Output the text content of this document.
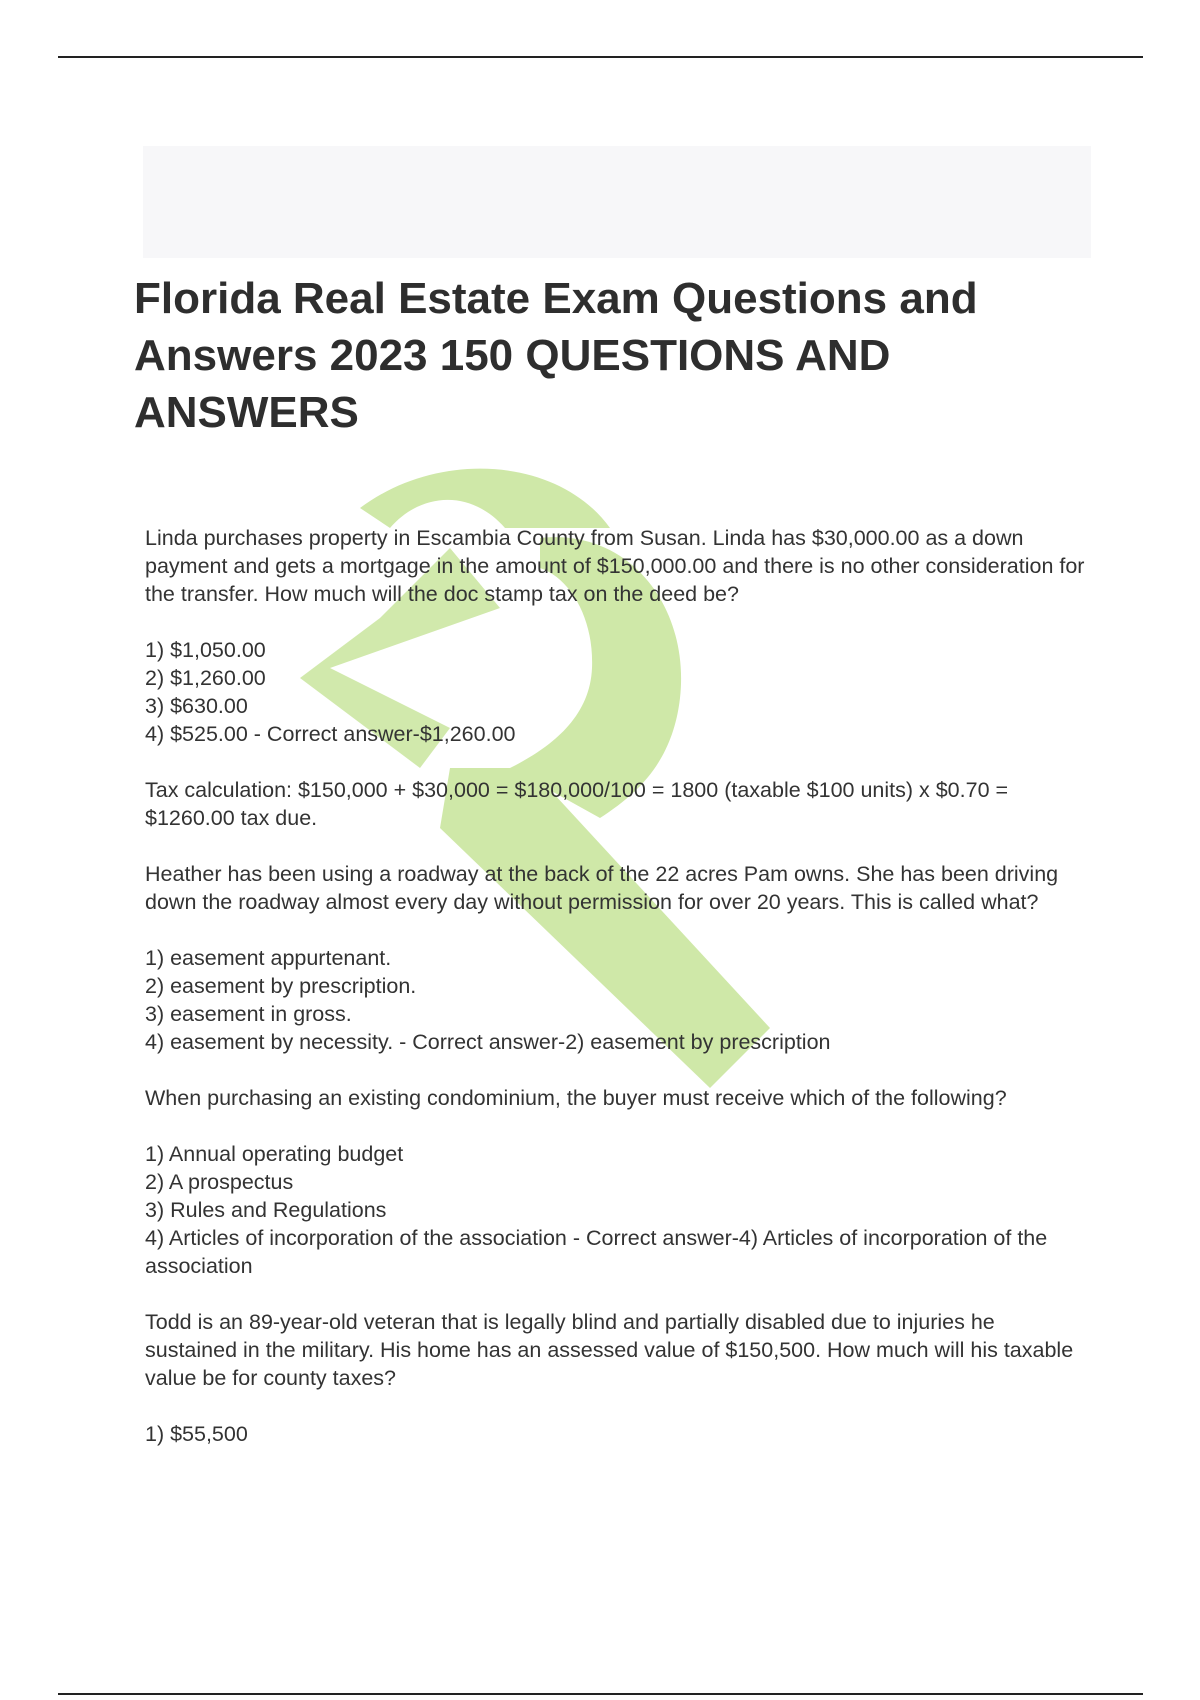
Florida Real Estate Exam Questions and Answers 2023 150 QUESTIONS AND ANSWERS

Linda purchases property in Escambia County from Susan. Linda has $30,000.00 as a down payment and gets a mortgage in the amount of $150,000.00 and there is no other consideration for the transfer. How much will the doc stamp tax on the deed be?

1) $1,050.00
2) $1,260.00
3) $630.00
4) $525.00 - Correct answer-$1,260.00

Tax calculation: $150,000 + $30,000 = $180,000/100 = 1800 (taxable $100 units) x $0.70 = $1260.00 tax due.

Heather has been using a roadway at the back of the 22 acres Pam owns. She has been driving down the roadway almost every day without permission for over 20 years. This is called what?

1) easement appurtenant.
2) easement by prescription.
3) easement in gross.
4) easement by necessity. - Correct answer-2) easement by prescription

When purchasing an existing condominium, the buyer must receive which of the following?

1) Annual operating budget
2) A prospectus
3) Rules and Regulations
4) Articles of incorporation of the association - Correct answer-4) Articles of incorporation of the association

Todd is an 89-year-old veteran that is legally blind and partially disabled due to injuries he sustained in the military. His home has an assessed value of $150,500. How much will his taxable value be for county taxes?

1) $55,500
